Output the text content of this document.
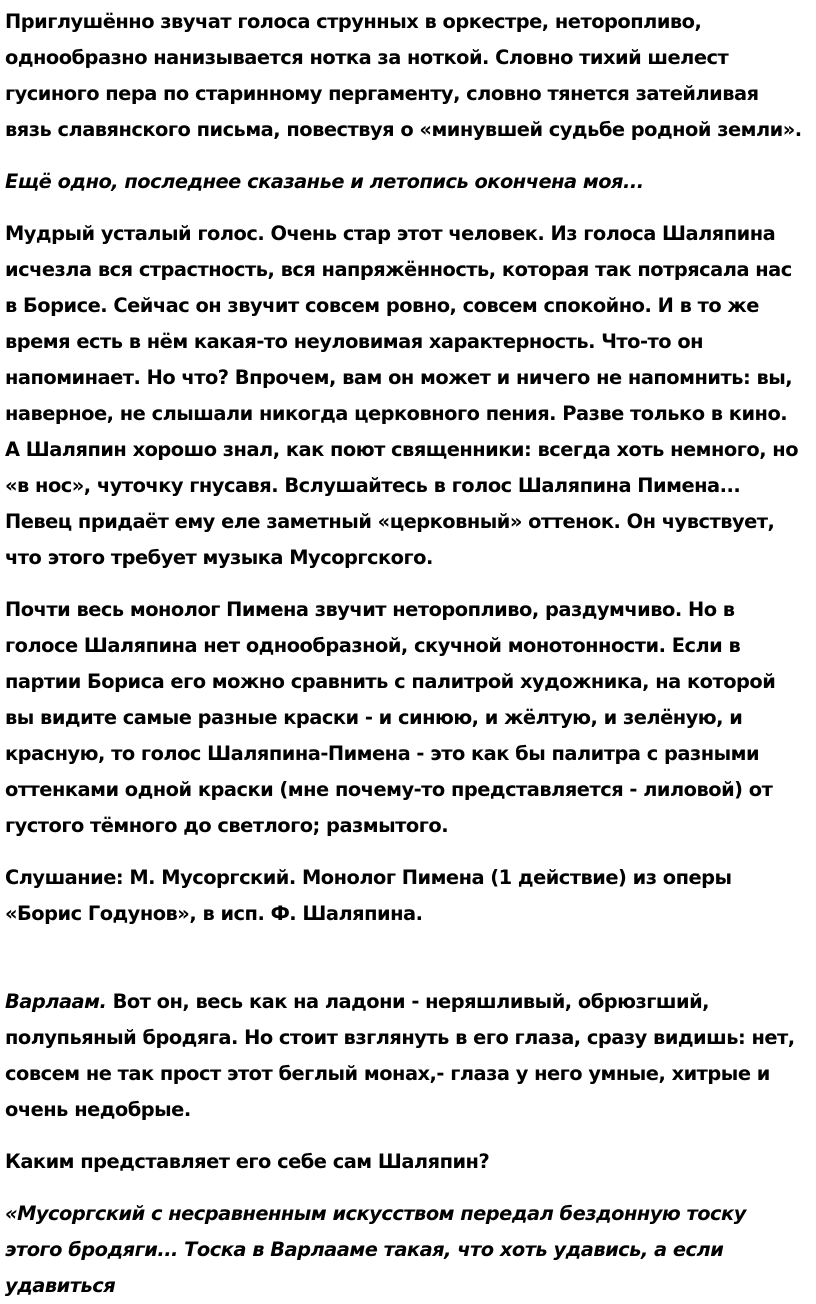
Приглушённо звучат голоса струнных в оркестре, неторопливо, однообразно нанизывается нотка за ноткой. Словно тихий шелест гусиного пера по старинному пергаменту, словно тянется затейливая вязь славянского письма, повествуя о «минувшей судьбе родной земли».

Ещё одно, последнее сказанье и летопись окончена моя...

Мудрый усталый голос. Очень стар этот человек. Из голоса Шаляпина исчезла вся страстность, вся напряжённость, которая так потрясала нас в Борисе. Сейчас он звучит совсем ровно, совсем спокойно. И в то же время есть в нём какая-то неуловимая характерность. Что-то он напоминает. Но что? Впрочем, вам он может и ничего не напомнить: вы, наверное, не слышали никогда церковного пения. Разве только в кино. А Шаляпин хорошо знал, как поют священники: всегда хоть немного, но «в нос», чуточку гнусавя. Вслушайтесь в голос Шаляпина Пимена... Певец придаёт ему еле заметный «церковный» оттенок. Он чувствует, что этого требует музыка Мусоргского.

Почти весь монолог Пимена звучит неторопливо, раздумчиво. Но в голосе Шаляпина нет однообразной, скучной монотонности. Если в партии Бориса его можно сравнить с палитрой художника, на которой вы видите самые разные краски - и синюю, и жёлтую, и зелёную, и красную, то голос Шаляпина-Пимена - это как бы палитра с разными оттенками одной краски (мне почему-то представляется - лиловой) от густого тёмного до светлого; размытого.

Слушание: М. Мусоргский. Монолог Пимена (1 действие) из оперы «Борис Годунов», в исп. Ф. Шаляпина.

Варлаам. Вот он, весь как на ладони - неряшливый, обрюзгший, полупьяный бродяга. Но стоит взглянуть в его глаза, сразу видишь: нет, совсем не так прост этот беглый монах,- глаза у него умные, хитрые и очень недобрые.

Каким представляет его себе сам Шаляпин?

«Мусоргский с несравненным искусством передал бездонную тоску этого бродяги... Тоска в Варлааме такая, что хоть удавись, а если удавиться
